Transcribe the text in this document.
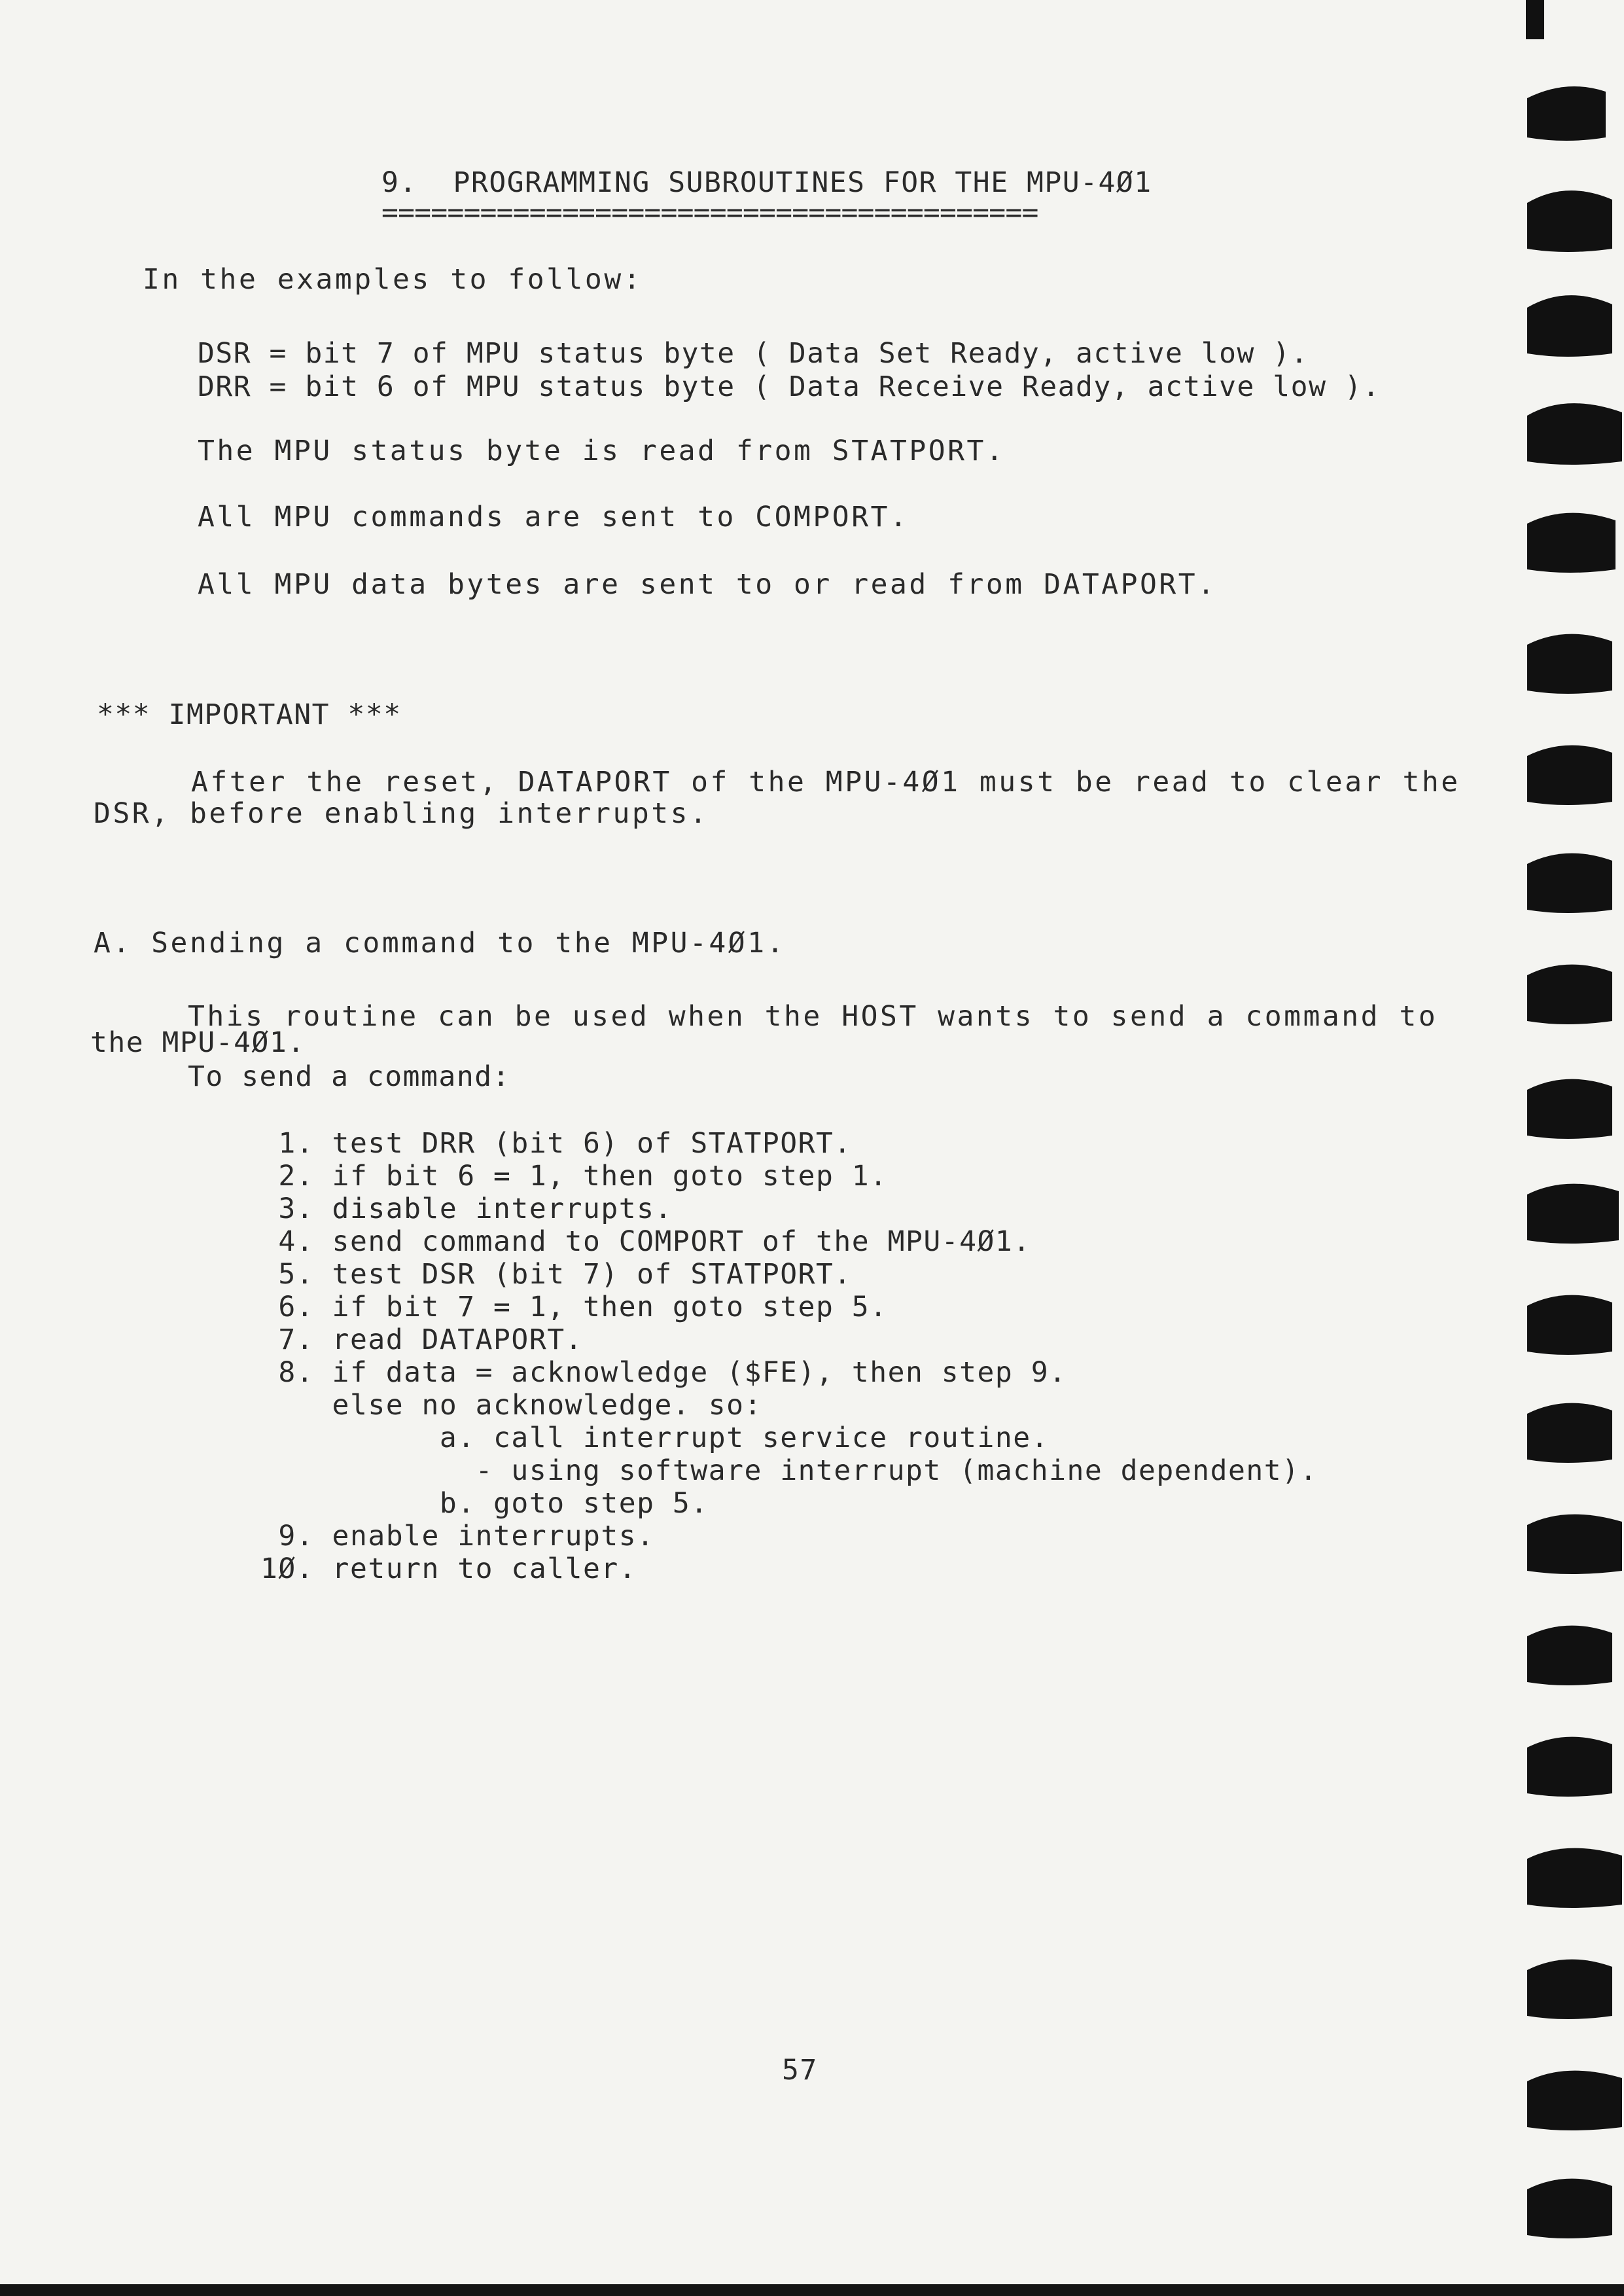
9.  PROGRAMMING SUBROUTINES FOR THE MPU-4Ø1
========================================
In the examples to follow:
DSR = bit 7 of MPU status byte ( Data Set Ready, active low ).
DRR = bit 6 of MPU status byte ( Data Receive Ready, active low ).
The MPU status byte is read from STATPORT.
All MPU commands are sent to COMPORT.
All MPU data bytes are sent to or read from DATAPORT.
*** IMPORTANT ***
After the reset, DATAPORT of the MPU-4Ø1 must be read to clear the
DSR, before enabling interrupts.
A. Sending a command to the MPU-4Ø1.
This routine can be used when the HOST wants to send a command to
the MPU-4Ø1.
To send a command:
1. test DRR (bit 6) of STATPORT.
2. if bit 6 = 1, then goto step 1.
3. disable interrupts.
4. send command to COMPORT of the MPU-4Ø1.
5. test DSR (bit 7) of STATPORT.
6. if bit 7 = 1, then goto step 5.
7. read DATAPORT.
8. if data = acknowledge ($FE), then step 9.
else no acknowledge. so:
a. call interrupt service routine.
- using software interrupt (machine dependent).
b. goto step 5.
9. enable interrupts.
1Ø. return to caller.
57
